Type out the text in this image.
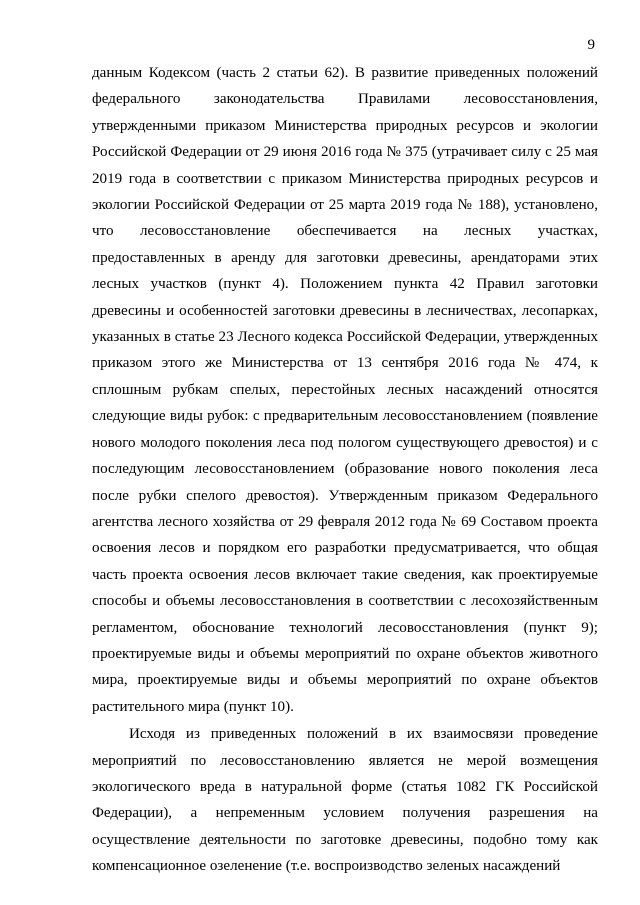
9

данным Кодексом (часть 2 статьи 62). В развитие приведенных положений федерального законодательства Правилами лесовосстановления, утвержденными приказом Министерства природных ресурсов и экологии Российской Федерации от 29 июня 2016 года № 375 (утрачивает силу с 25 мая 2019 года в соответствии с приказом Министерства природных ресурсов и экологии Российской Федерации от 25 марта 2019 года № 188), установлено, что лесовосстановление обеспечивается на лесных участках, предоставленных в аренду для заготовки древесины, арендаторами этих лесных участков (пункт 4). Положением пункта 42 Правил заготовки древесины и особенностей заготовки древесины в лесничествах, лесопарках, указанных в статье 23 Лесного кодекса Российской Федерации, утвержденных приказом этого же Министерства от 13 сентября 2016 года № 474, к сплошным рубкам спелых, перестойных лесных насаждений относятся следующие виды рубок: с предварительным лесовосстановлением (появление нового молодого поколения леса под пологом существующего древостоя) и с последующим лесовосстановлением (образование нового поколения леса после рубки спелого древостоя). Утвержденным приказом Федерального агентства лесного хозяйства от 29 февраля 2012 года № 69 Составом проекта освоения лесов и порядком его разработки предусматривается, что общая часть проекта освоения лесов включает такие сведения, как проектируемые способы и объемы лесовосстановления в соответствии с лесохозяйственным регламентом, обоснование технологий лесовосстановления (пункт 9); проектируемые виды и объемы мероприятий по охране объектов животного мира, проектируемые виды и объемы мероприятий по охране объектов растительного мира (пункт 10).

Исходя из приведенных положений в их взаимосвязи проведение мероприятий по лесовосстановлению является не мерой возмещения экологического вреда в натуральной форме (статья 1082 ГК Российской Федерации), а непременным условием получения разрешения на осуществление деятельности по заготовке древесины, подобно тому как компенсационное озеленение (т.е. воспроизводство зеленых насаждений
